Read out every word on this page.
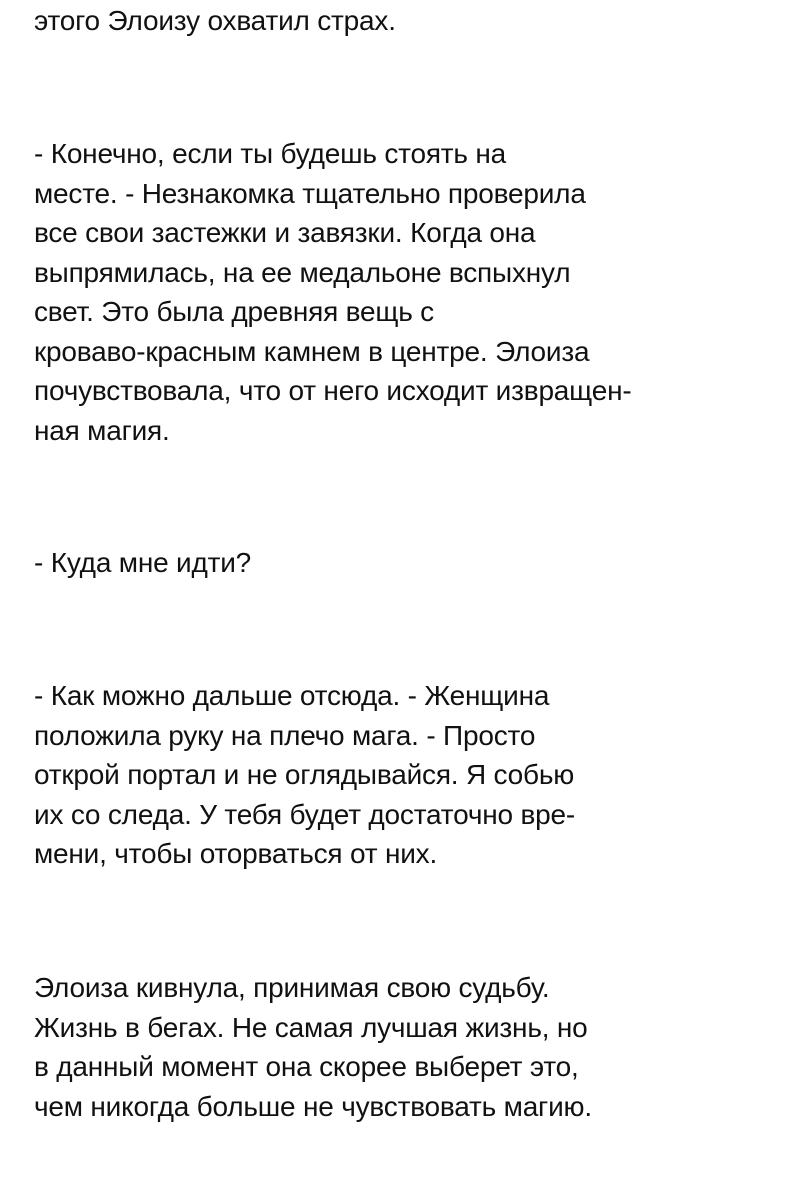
этого Элоизу охватил страх.
- Конечно, если ты будешь стоять на
месте. - Незнакомка тщательно проверила
все свои застежки и завязки. Когда она
выпрямилась, на ее медальоне вспыхнул
свет. Это была древняя вещь с
кроваво-красным камнем в центре. Элоиза
почувствовала, что от него исходит извращен-
ная магия.
- Куда мне идти?
- Как можно дальше отсюда. - Женщина
положила руку на плечо мага. - Просто
открой портал и не оглядывайся. Я собью
их со следа. У тебя будет достаточно вре-
мени, чтобы оторваться от них.
Элоиза кивнула, принимая свою судьбу.
Жизнь в бегах. Не самая лучшая жизнь, но
в данный момент она скорее выберет это,
чем никогда больше не чувствовать магию.
